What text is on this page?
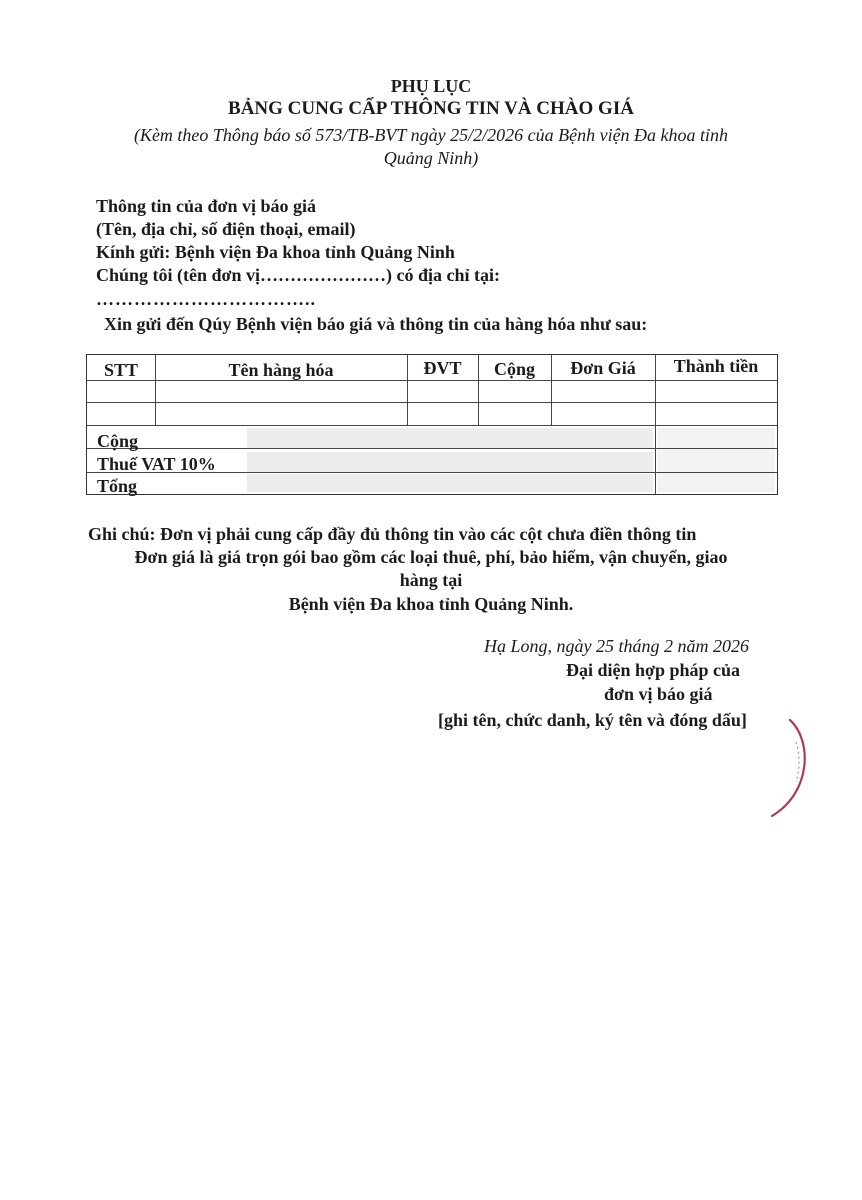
PHỤ LỤC
BẢNG CUNG CẤP THÔNG TIN VÀ CHÀO GIÁ
(Kèm theo Thông báo số 573/TB-BVT ngày 25/2/2026 của Bệnh viện Đa khoa tỉnh
Quảng Ninh)
Thông tin của đơn vị báo giá
(Tên, địa chỉ, số điện thoại, email)
Kính gửi: Bệnh viện Đa khoa tỉnh Quảng Ninh
Chúng tôi (tên đơn vị…………………) có địa chỉ tại:
……………………………..
Xin gửi đến Qúy Bệnh viện báo giá và thông tin của hàng hóa như sau:
STT	Tên hàng hóa	ĐVT	Cộng	Đơn Giá	Thành tiền
Cộng
Thuế VAT 10%
Tổng
Ghi chú: Đơn vị phải cung cấp đầy đủ thông tin vào các cột chưa điền thông tin
Đơn giá là giá trọn gói bao gồm các loại thuê, phí, bảo hiểm, vận chuyển, giao
hàng tại
Bệnh viện Đa khoa tỉnh Quảng Ninh.
Hạ Long, ngày 25 tháng 2 năm 2026
Đại diện hợp pháp của
đơn vị báo giá
[ghi tên, chức danh, ký tên và đóng dấu]
